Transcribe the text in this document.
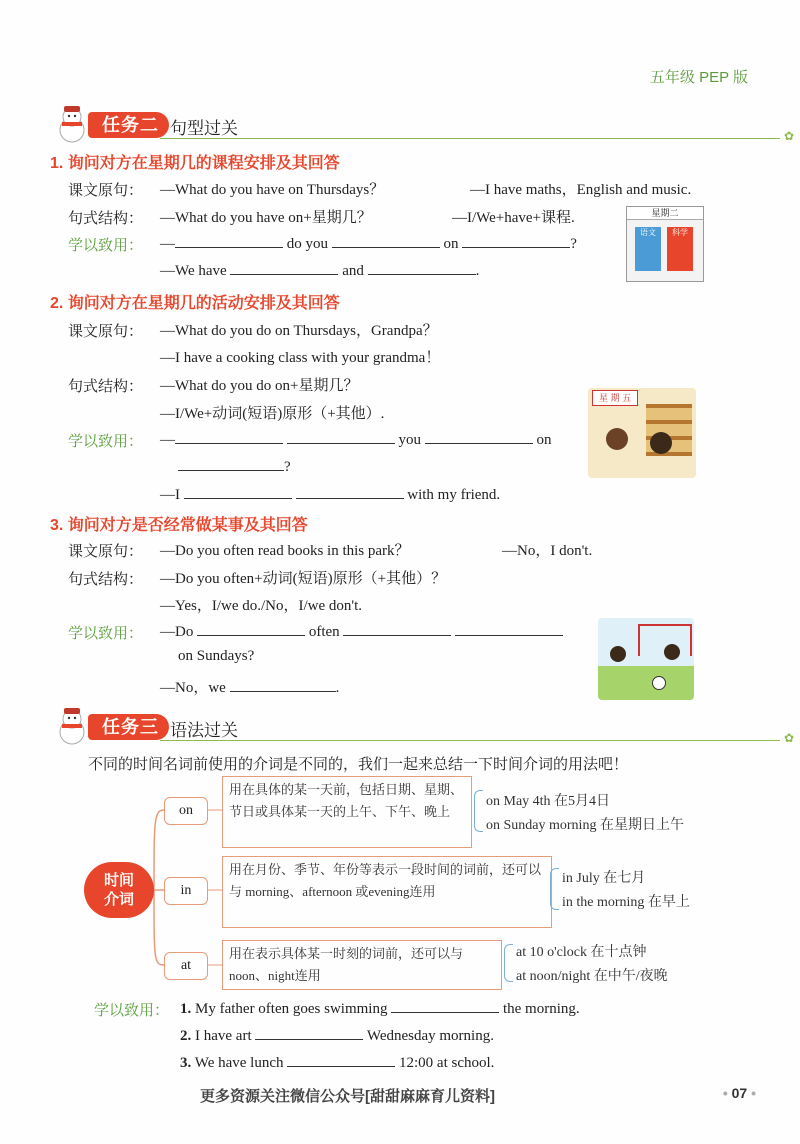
五年级 PEP 版
任务二 句型过关
✿
1. 询问对方在星期几的课程安排及其回答
课文原句： —What do you have on Thursdays？	—I have maths，English and music.
句式结构： —What do you have on+星期几？	—I/We+have+课程.
学以致用： —	do you	on	?
—We have	and	.
星期二
语文	科学
2. 询问对方在星期几的活动安排及其回答
课文原句： —What do you do on Thursdays，Grandpa？
—I have a cooking class with your grandma！
句式结构： —What do you do on+星期几？
—I/We+动词(短语)原形（+其他）.
学以致用： —	you	on
?
—I	with my friend.
星 期 五
3. 询问对方是否经常做某事及其回答
课文原句： —Do you often read books in this park？	—No，I don't.
句式结构： —Do you often+动词(短语)原形（+其他）？
—Yes，I/we do./No，I/we don't.
学以致用： —Do	often
on Sundays?
—No，we	.
任务三 语法过关
✿
不同的时间名词前使用的介词是不同的，我们一起来总结一下时间介词的用法吧！
时间
介词
on
用在具体的某一天前，包括日期、星期、节日或具体某一天的上午、下午、晚上
on May 4th 在5月4日
on Sunday morning 在星期日上午
in
用在月份、季节、年份等表示一段时间的词前，还可以与 morning、afternoon 或evening连用
in July 在七月
in the morning 在早上
at
用在表示具体某一时刻的词前，还可以与noon、night连用
at 10 o'clock 在十点钟
at noon/night 在中午/夜晚
学以致用： 1. My father often goes swimming	the morning.
2. I have art	Wednesday morning.
3. We have lunch	12:00 at school.
更多资源关注微信公众号[甜甜麻麻育儿资料]	• 07 •
